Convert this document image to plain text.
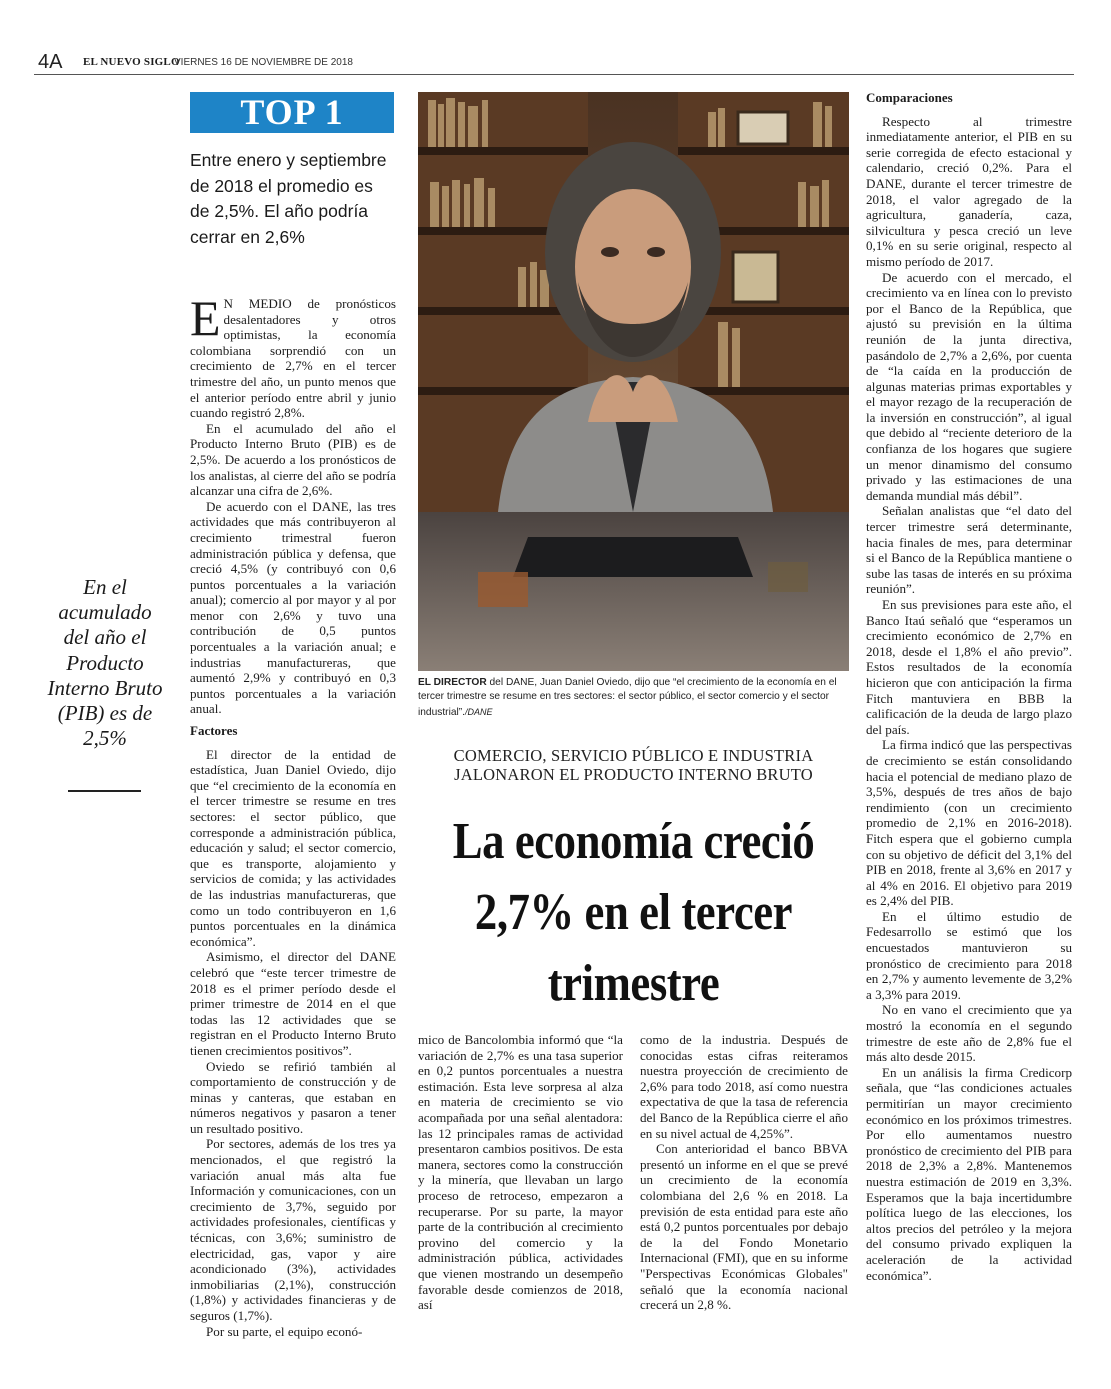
4A EL NUEVO SIGLO
VIERNES 16 DE NOVIEMBRE DE 2018
TOP 1
Entre enero y septiembre de 2018 el promedio es de 2,5%. El año podría cerrar en 2,6%
En el acumulado del año el Producto Interno Bruto (PIB) es de 2,5%

E N MEDIO de pronósticos desalentadores y otros optimistas, la economía colombiana sorprendió con un crecimiento de 2,7% en el tercer trimestre del año, un punto menos que el anterior período entre abril y junio cuando registró 2,8%.

En el acumulado del año el Producto Interno Bruto (PIB) es de 2,5%. De acuerdo a los pronósticos de los analistas, al cierre del año se podría alcanzar una cifra de 2,6%.

De acuerdo con el DANE, las tres actividades que más contribuyeron al crecimiento trimestral fueron administración pública y defensa, que creció 4,5% (y contribuyó con 0,6 puntos porcentuales a la variación anual); comercio al por mayor y al por menor con 2,6% y tuvo una contribución de 0,5 puntos porcentuales a la variación anual; e industrias manufactureras, que aumentó 2,9% y contribuyó en 0,3 puntos porcentuales a la variación anual.

Factores

El director de la entidad de estadística, Juan Daniel Oviedo, dijo que “el crecimiento de la economía en el tercer trimestre se resume en tres sectores: el sector público, que corresponde a administración pública, educación y salud; el sector comercio, que es transporte, alojamiento y servicios de comida; y las actividades de las industrias manufactureras, que como un todo contribuyeron en 1,6 puntos porcentuales en la dinámica económica”.

Asimismo, el director del DANE celebró que “este tercer trimestre de 2018 es el primer período desde el primer trimestre de 2014 en el que todas las 12 actividades que se registran en el Producto Interno Bruto tienen crecimientos positivos”.

Oviedo se refirió también al comportamiento de construcción y de minas y canteras, que estaban en números negativos y pasaron a tener un resultado positivo.

Por sectores, además de los tres ya mencionados, el que registró la variación anual más alta fue Información y comunicaciones, con un crecimiento de 3,7%, seguido por actividades profesionales, científicas y técnicas, con 3,6%; suministro de electricidad, gas, vapor y aire acondicionado (3%), actividades inmobiliarias (2,1%), construcción (1,8%) y actividades financieras y de seguros (1,7%).

Por su parte, el equipo econó-

EL DIRECTOR del DANE, Juan Daniel Oviedo, dijo que “el crecimiento de la economía en el tercer trimestre se resume en tres sectores: el sector público, el sector comercio y el sector industrial”./DANE
COMERCIO, SERVICIO PÚBLICO E INDUSTRIA JALONARON EL PRODUCTO INTERNO BRUTO
La economía creció 2,7% en el tercer trimestre

mico de Bancolombia informó que “la variación de 2,7% es una tasa superior en 0,2 puntos porcentuales a nuestra estimación. Esta leve sorpresa al alza en materia de crecimiento se vio acompañada por una señal alentadora: las 12 principales ramas de actividad presentaron cambios positivos. De esta manera, sectores como la construcción y la minería, que llevaban un largo proceso de retroceso, empezaron a recuperarse. Por su parte, la mayor parte de la contribución al crecimiento provino del comercio y la administración pública, actividades que vienen mostrando un desempeño favorable desde comienzos de 2018, así

como de la industria. Después de conocidas estas cifras reiteramos nuestra proyección de crecimiento de 2,6% para todo 2018, así como nuestra expectativa de que la tasa de referencia del Banco de la República cierre el año en su nivel actual de 4,25%”.

Con anterioridad el banco BBVA presentó un informe en el que se prevé un crecimiento de la economía colombiana del 2,6 % en 2018. La previsión de esta entidad para este año está 0,2 puntos porcentuales por debajo de la del Fondo Monetario Internacional (FMI), que en su informe "Perspectivas Económicas Globales" señaló que la economía nacional crecerá un 2,8 %.

Comparaciones

Respecto al trimestre inmediatamente anterior, el PIB en su serie corregida de efecto estacional y calendario, creció 0,2%. Para el DANE, durante el tercer trimestre de 2018, el valor agregado de la agricultura, ganadería, caza, silvicultura y pesca creció un leve 0,1% en su serie original, respecto al mismo período de 2017.

De acuerdo con el mercado, el crecimiento va en línea con lo previsto por el Banco de la República, que ajustó su previsión en la última reunión de la junta directiva, pasándolo de 2,7% a 2,6%, por cuenta de “la caída en la producción de algunas materias primas exportables y el mayor rezago de la recuperación de la inversión en construcción”, al igual que debido al “reciente deterioro de la confianza de los hogares que sugiere un menor dinamismo del consumo privado y las estimaciones de una demanda mundial más débil”.

Señalan analistas que “el dato del tercer trimestre será determinante, hacia finales de mes, para determinar si el Banco de la República mantiene o sube las tasas de interés en su próxima reunión”.

En sus previsiones para este año, el Banco Itaú señaló que “esperamos un crecimiento económico de 2,7% en 2018, desde el 1,8% el año previo”. Estos resultados de la economía hicieron que con anticipación la firma Fitch mantuviera en BBB la calificación de la deuda de largo plazo del país.

La firma indicó que las perspectivas de crecimiento se están consolidando hacia el potencial de mediano plazo de 3,5%, después de tres años de bajo rendimiento (con un crecimiento promedio de 2,1% en 2016-2018). Fitch espera que el gobierno cumpla con su objetivo de déficit del 3,1% del PIB en 2018, frente al 3,6% en 2017 y al 4% en 2016. El objetivo para 2019 es 2,4% del PIB.

En el último estudio de Fedesarrollo se estimó que los encuestados mantuvieron su pronóstico de crecimiento para 2018 en 2,7% y aumento levemente de 3,2% a 3,3% para 2019.

No en vano el crecimiento que ya mostró la economía en el segundo trimestre de este año de 2,8% fue el más alto desde 2015.

En un análisis la firma Credicorp señala, que “las condiciones actuales permitirían un mayor crecimiento económico en los próximos trimestres. Por ello aumentamos nuestro pronóstico de crecimiento del PIB para 2018 de 2,3% a 2,8%. Mantenemos nuestra estimación de 2019 en 3,3%. Esperamos que la baja incertidumbre política luego de las elecciones, los altos precios del petróleo y la mejora del consumo privado expliquen la aceleración de la actividad económica”.
